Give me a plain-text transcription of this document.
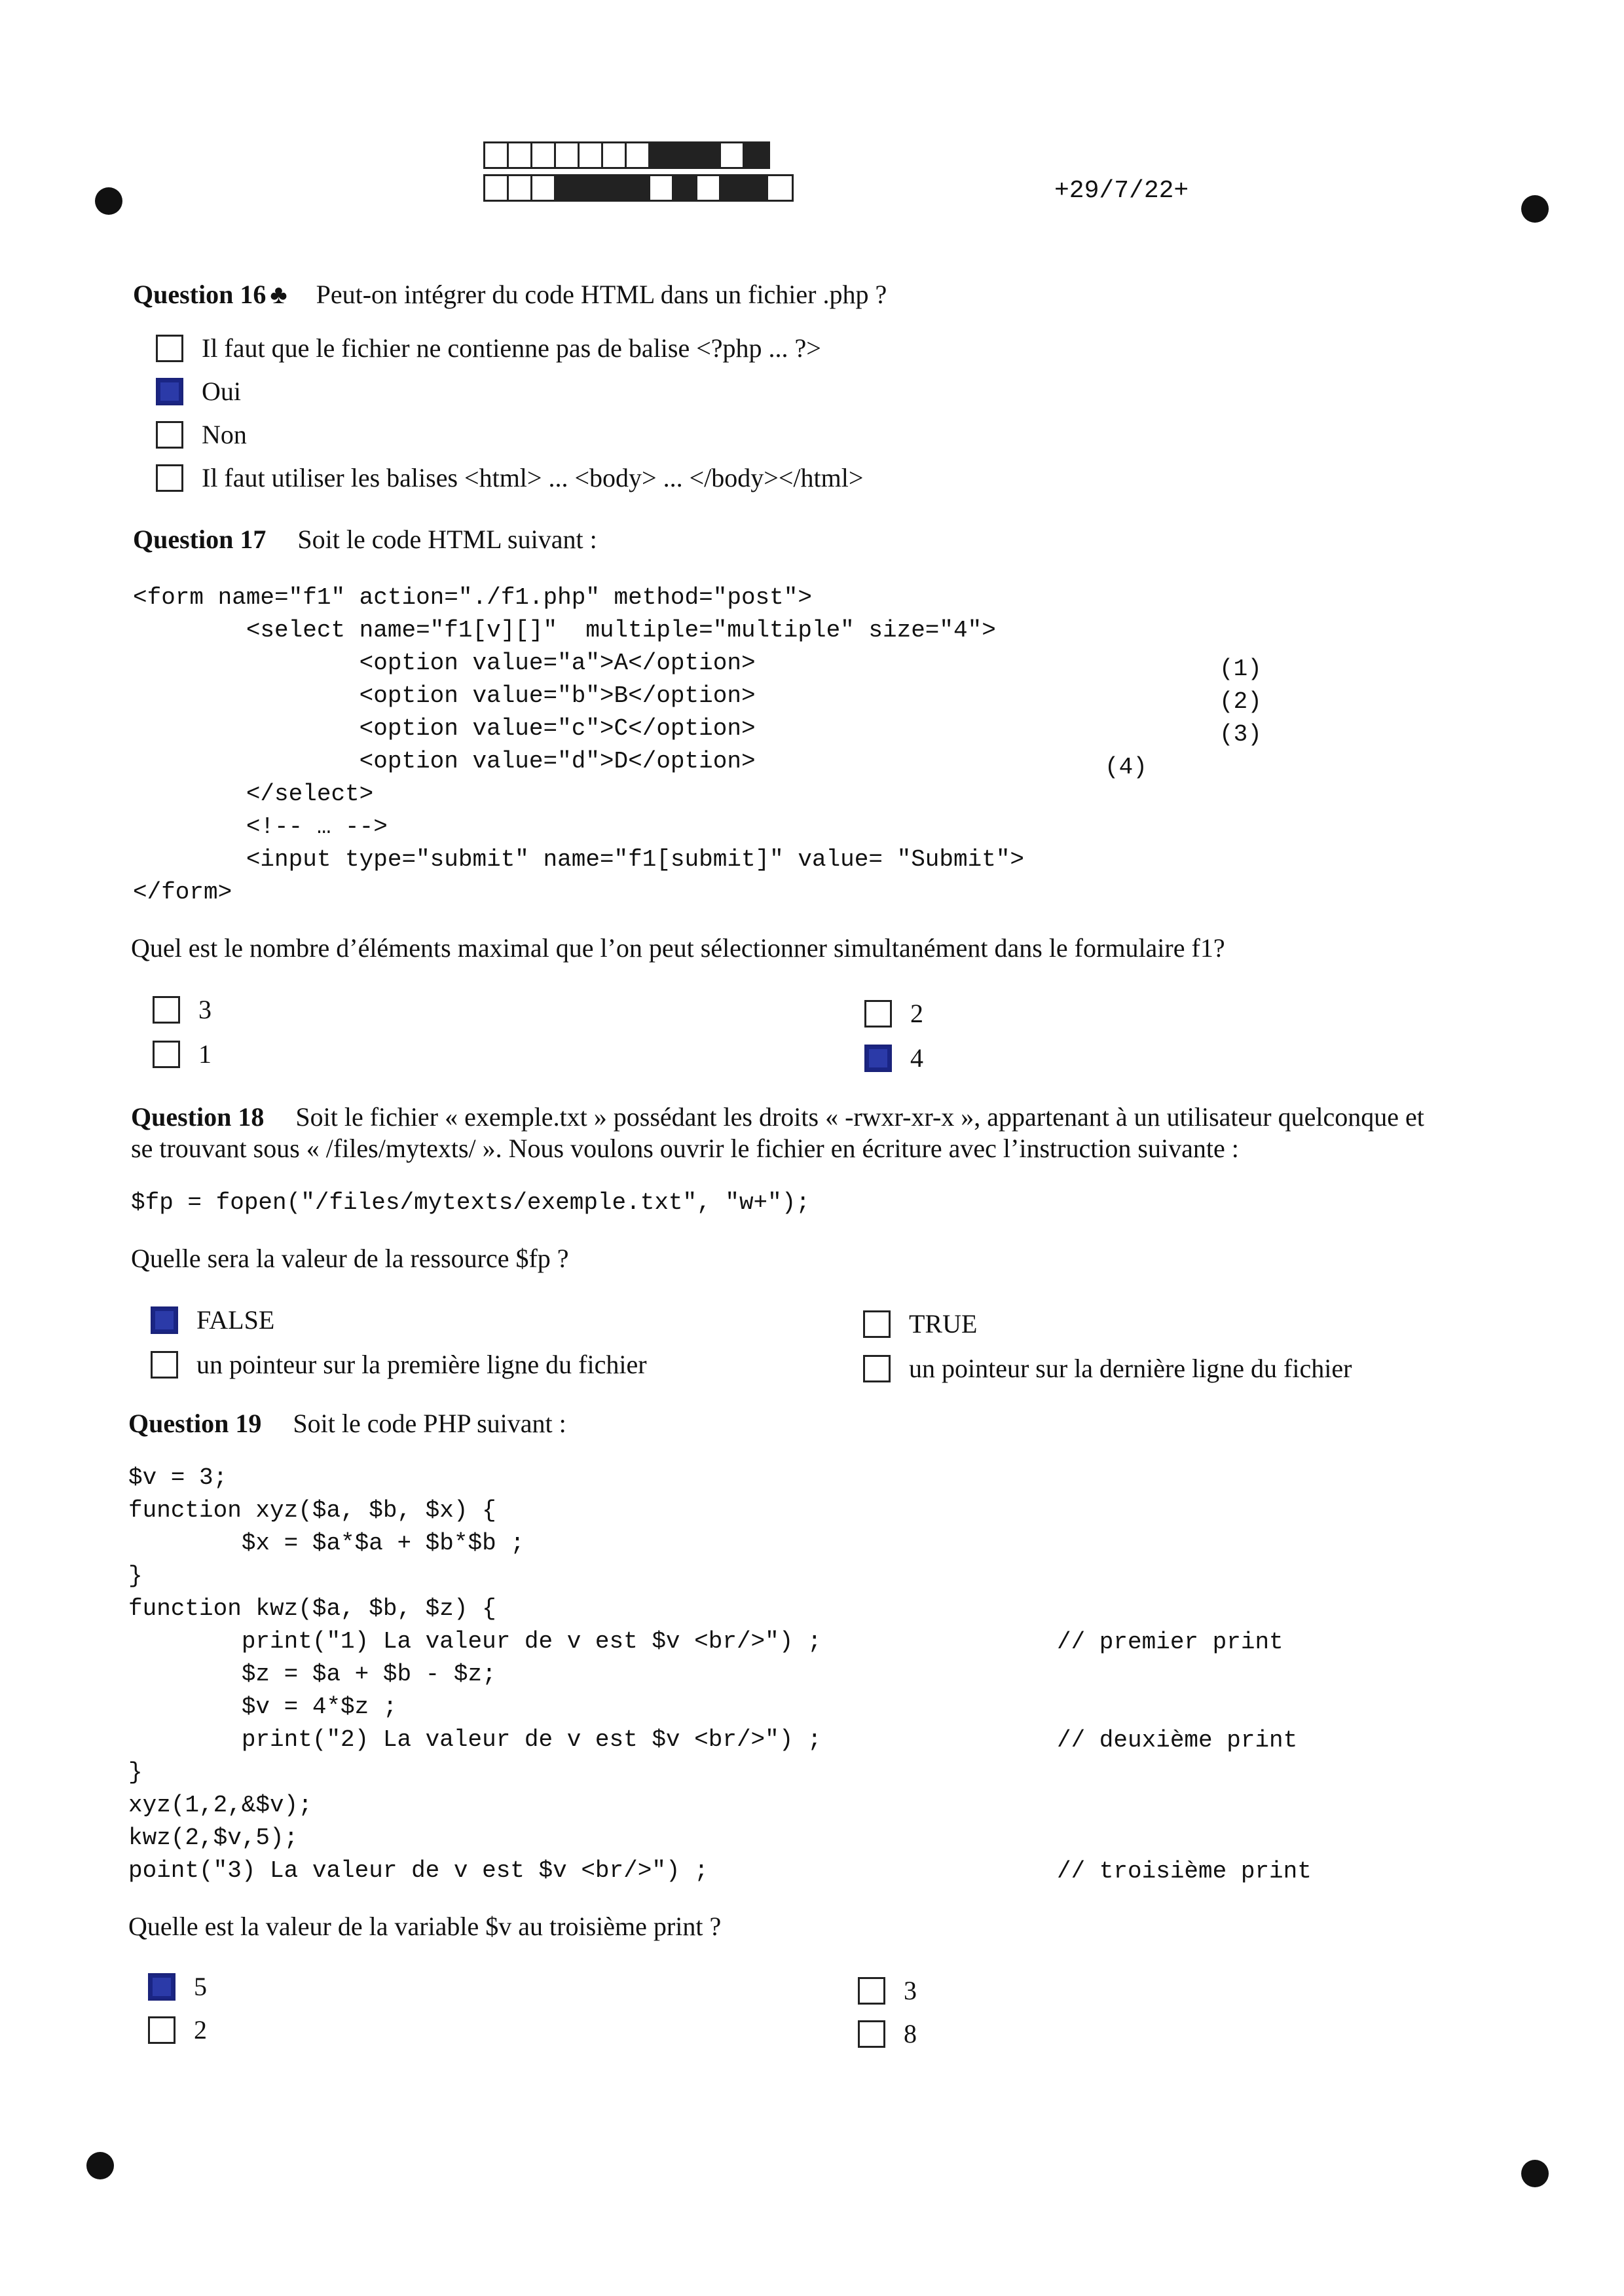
+29/7/22+
Question 16 ♣ Peut-on intégrer du code HTML dans un fichier .php ?
Il faut que le fichier ne contienne pas de balise <?php ... ?>
Oui
Non
Il faut utiliser les balises <html> ... <body> ... </body></html>
Question 17 Soit le code HTML suivant :
<form name="f1" action="./f1.php" method="post">
<select name="f1[v][]"  multiple="multiple" size="4">
<option value="a">A</option>
<option value="b">B</option>
<option value="c">C</option>
<option value="d">D</option>
</select>
<!-- … -->
<input type="submit" name="f1[submit]" value= "Submit">
</form>
(1)
(2)
(3)
(4)
Quel est le nombre d’éléments maximal que l’on peut sélectionner simultanément dans le formulaire f1?
3
1
2
4
Question 18 Soit le fichier « exemple.txt » possédant les droits « -rwxr-xr-x », appartenant à un utilisateur quelconque et
se trouvant sous « /files/mytexts/ ». Nous voulons ouvrir le fichier en écriture avec l’instruction suivante :
$fp = fopen("/files/mytexts/exemple.txt", "w+");
Quelle sera la valeur de la ressource $fp ?
FALSE
un pointeur sur la première ligne du fichier
TRUE
un pointeur sur la dernière ligne du fichier
Question 19 Soit le code PHP suivant :
$v = 3;
function xyz($a, $b, $x) {
$x = $a*$a + $b*$b ;
}
function kwz($a, $b, $z) {
print("1) La valeur de v est $v <br/>") ;
$z = $a + $b - $z;
$v = 4*$z ;
print("2) La valeur de v est $v <br/>") ;
}
xyz(1,2,&$v);
kwz(2,$v,5);
point("3) La valeur de v est $v <br/>") ;
// premier print
// deuxième print
// troisième print
Quelle est la valeur de la variable $v au troisième print ?
5
2
3
8
